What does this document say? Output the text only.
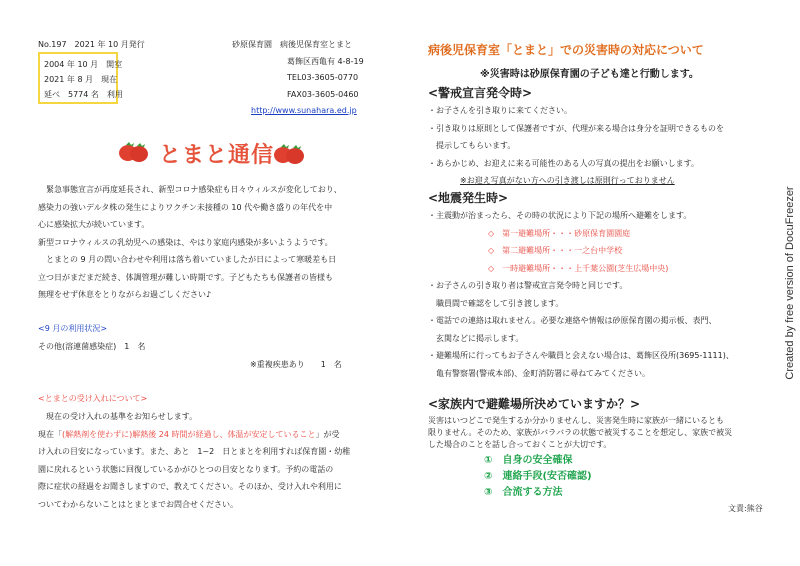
No.197　2021 年 10 月発行
2004 年 10 月　開室
2021 年 8 月　現在
延べ　5774 名　利用
砂原保育園　病後児保育室とまと
葛飾区西亀有 4-8-19
TEL03-3605-0770
FAX03-3605-0460
http://www.sunahara.ed.jp
とまと通信
緊急事態宣言が再度延長され、新型コロナ感染症も日々ウィルスが変化しており、
感染力の強いデルタ株の発生によりワクチン未接種の 10 代や働き盛りの年代を中
心に感染拡大が続いています。
新型コロナウィルスの乳幼児への感染は、やはり家庭内感染が多いようようです。
とまとの 9 月の問い合わせや利用は落ち着いていましたが日によって寒暖差も日
立つ日がまだまだ続き、体調管理が難しい時期です。子どもたちも保護者の皆様も
無理をせず休息をとりながらお過ごしください♪
<9 月の利用状況>
その他(溶連菌感染症)　1　名
※重複疾患あり　　1　名
<とまとの受け入れについて>
現在の受け入れの基準をお知らせします。
現在「(解熱剤を使わずに)解熱後 24 時間が経過し、体温が安定していること」が受
け入れの目安になっています。また、あと　1~2　日とまとを利用すれば保育園・幼稚
園に戻れるという状態に回復しているかがひとつの目安となります。予約の電話の
際に症状の経過をお聞きしますので、教えてください。そのほか、受け入れや利用に
ついてわからないことはとまとまでお問合せください。
病後児保育室「とまと」での災害時の対応について
※災害時は砂原保育園の子ども達と行動します。
<警戒宣言発令時>
・お子さんを引き取りに来てください。
・引き取りは原則として保護者ですが、代理が来る場合は身分を証明できるものを
　提示してもらいます。
・あらかじめ、お迎えに来る可能性のある人の写真の提出をお願いします。
※お迎え写真がない方への引き渡しは原則行っておりません
<地震発生時>
・主震動が治まったら、その時の状況により下記の場所へ避難をします。
◇　 第一避難場所・・・砂原保育園園庭
◇　 第二避難場所・・・一之台中学校
◇　 一時避難場所・・・上千葉公園(芝生広場中央)
・お子さんの引き取り者は警戒宣言発令時と同じです。
　職員間で確認をして引き渡します。
・電話での連絡は取れません。必要な連絡や情報は砂原保育園の掲示板、表門、
　玄関などに掲示します。
・避難場所に行ってもお子さんや職員と会えない場合は、葛飾区役所(3695-1111)、
　亀有警察署(警戒本部)、金町消防署に尋ねてみてください。
<家族内で避難場所決めていますか？>
災害はいつどこで発生するか分かりませんし、災害発生時に家族が一緒にいるとも
限りません。そのため、家族がバラバラの状態で被災することを想定し、家族で被災
した場合のことを話し合っておくことが大切です。
①　 自身の安全確保
②　 連絡手段(安否確認)
③　 合流する方法
文責:熊谷
Created by free version of DocuFreezer
